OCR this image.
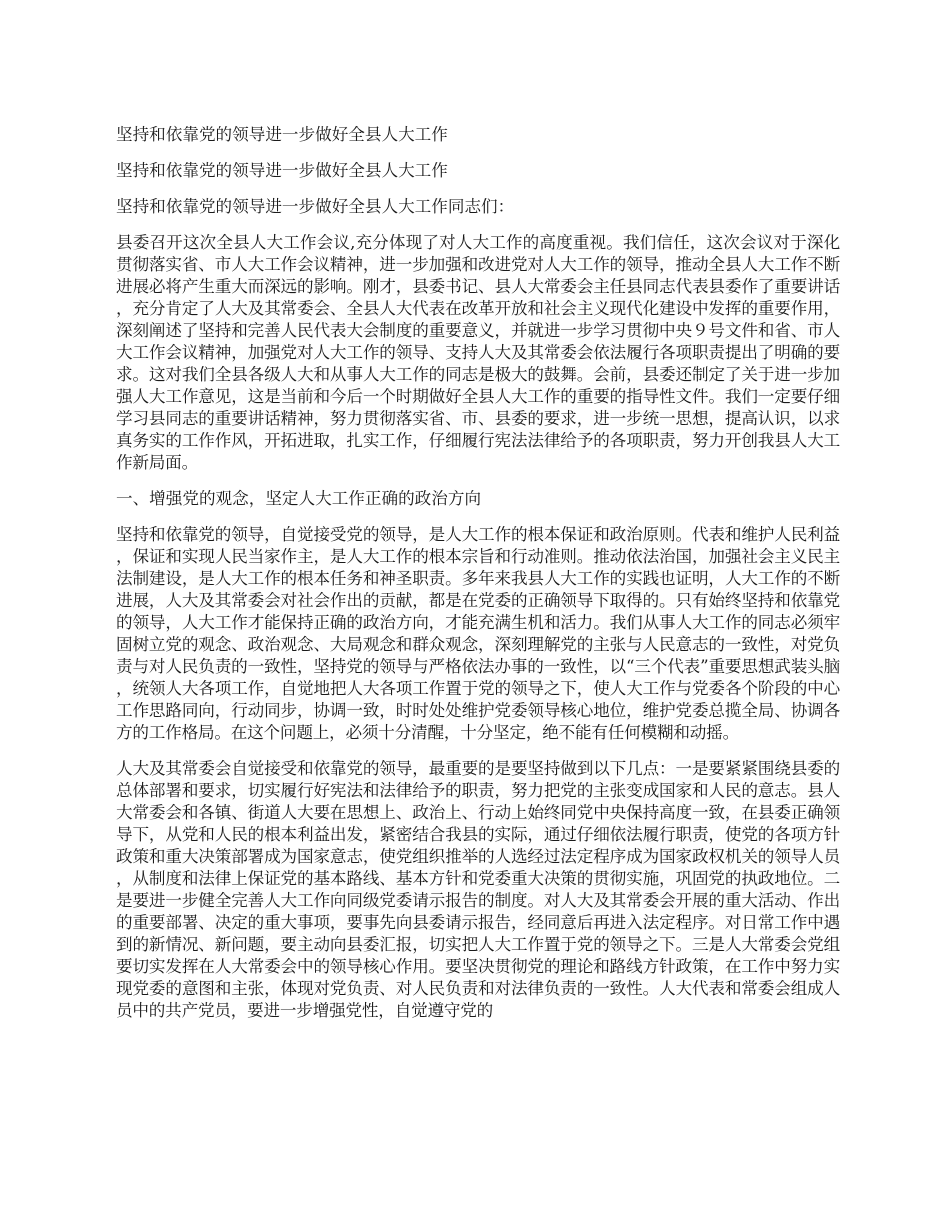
坚持和依靠党的领导进一步做好全县人大工作
坚持和依靠党的领导进一步做好全县人大工作
坚持和依靠党的领导进一步做好全县人大工作同志们：

县委召开这次全县人大工作会议,充分体现了对人大工作的高度重视。我们信任，这次会议对于深化贯彻落实省、市人大工作会议精神，进一步加强和改进党对人大工作的领导，推动全县人大工作不断进展必将产生重大而深远的影响。刚才，县委书记、县人大常委会主任县同志代表县委作了重要讲话，充分肯定了人大及其常委会、全县人大代表在改革开放和社会主义现代化建设中发挥的重要作用，深刻阐述了坚持和完善人民代表大会制度的重要意义，并就进一步学习贯彻中央９号文件和省、市人大工作会议精神，加强党对人大工作的领导、支持人大及其常委会依法履行各项职责提出了明确的要求。这对我们全县各级人大和从事人大工作的同志是极大的鼓舞。会前，县委还制定了关于进一步加强人大工作意见，这是当前和今后一个时期做好全县人大工作的重要的指导性文件。我们一定要仔细学习县同志的重要讲话精神，努力贯彻落实省、市、县委的要求，进一步统一思想，提高认识，以求真务实的工作作风，开拓进取，扎实工作，仔细履行宪法法律给予的各项职责，努力开创我县人大工作新局面。

一、增强党的观念，坚定人大工作正确的政治方向

坚持和依靠党的领导，自觉接受党的领导，是人大工作的根本保证和政治原则。代表和维护人民利益，保证和实现人民当家作主，是人大工作的根本宗旨和行动准则。推动依法治国，加强社会主义民主法制建设，是人大工作的根本任务和神圣职责。多年来我县人大工作的实践也证明，人大工作的不断进展，人大及其常委会对社会作出的贡献，都是在党委的正确领导下取得的。只有始终坚持和依靠党的领导，人大工作才能保持正确的政治方向，才能充满生机和活力。我们从事人大工作的同志必须牢固树立党的观念、政治观念、大局观念和群众观念，深刻理解党的主张与人民意志的一致性，对党负责与对人民负责的一致性，坚持党的领导与严格依法办事的一致性，以“三个代表”重要思想武装头脑，统领人大各项工作，自觉地把人大各项工作置于党的领导之下，使人大工作与党委各个阶段的中心工作思路同向，行动同步，协调一致，时时处处维护党委领导核心地位，维护党委总揽全局、协调各方的工作格局。在这个问题上，必须十分清醒，十分坚定，绝不能有任何模糊和动摇。

人大及其常委会自觉接受和依靠党的领导，最重要的是要坚持做到以下几点：一是要紧紧围绕县委的总体部署和要求，切实履行好宪法和法律给予的职责，努力把党的主张变成国家和人民的意志。县人大常委会和各镇、街道人大要在思想上、政治上、行动上始终同党中央保持高度一致，在县委正确领导下，从党和人民的根本利益出发，紧密结合我县的实际，通过仔细依法履行职责，使党的各项方针政策和重大决策部署成为国家意志，使党组织推举的人选经过法定程序成为国家政权机关的领导人员，从制度和法律上保证党的基本路线、基本方针和党委重大决策的贯彻实施，巩固党的执政地位。二是要进一步健全完善人大工作向同级党委请示报告的制度。对人大及其常委会开展的重大活动、作出的重要部署、决定的重大事项，要事先向县委请示报告，经同意后再进入法定程序。对日常工作中遇到的新情况、新问题，要主动向县委汇报，切实把人大工作置于党的领导之下。三是人大常委会党组要切实发挥在人大常委会中的领导核心作用。要坚决贯彻党的理论和路线方针政策，在工作中努力实现党委的意图和主张，体现对党负责、对人民负责和对法律负责的一致性。人大代表和常委会组成人员中的共产党员，要进一步增强党性，自觉遵守党的
